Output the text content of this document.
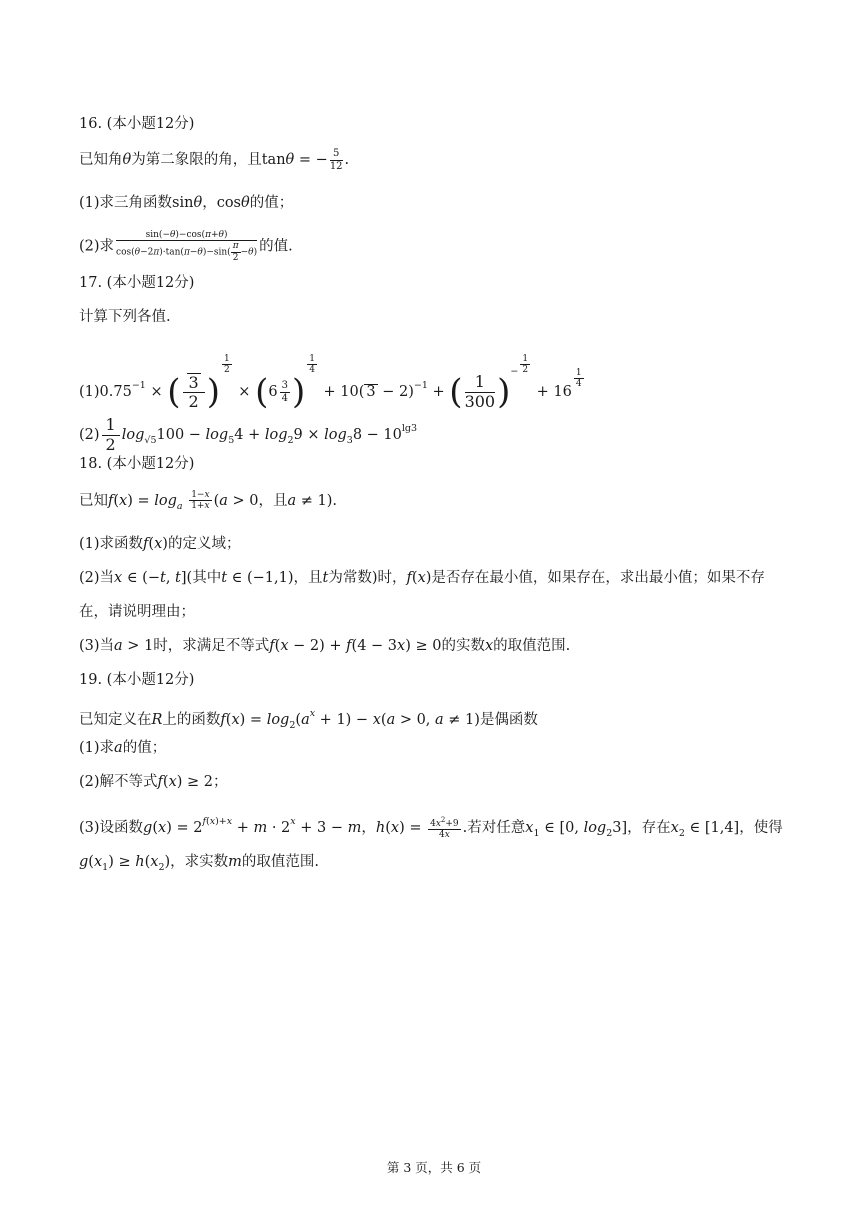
16. (本小题12分)
已知角θ为第二象限的角，且tanθ = − $\frac{5}{12}$ .
(1)求三角函数sinθ，cosθ的值；
(2)求 $\frac{\sin(-\theta)-\cos(\pi+\theta)}{\cos(\theta-2\pi)\cdot\tan(\pi-\theta)-\sin( \frac{\pi}{2} -\theta)}$ 的值.
17. (本小题12分)
计算下列各值.
$(1)0.75^{-1}$ × ( $\frac{3}{2}$ )
$\frac{1}{2}$
× ($6 \frac{3}{4}$ )
$\frac{1}{4}$
+ 10( 3 − 2)$^{-1}$ + ( $\frac{1}{300} )^- \frac{1}{2}$
+ 16
$\frac{1}{4}$
$(2) \frac{1}{2} \log_{√5}100 - \log_54 + \log_29 \times \log_38 - 10^{lg3}$
18. (本小题12分)
已知$f(x) = \log_a \frac{1-x}{1+x} (a > 0$，且a ≠ 1).
(1)求函数f(x)的定义域；
(2)当x ∈ (−t, t](其中t ∈ (−1,1)，且t为常数)时，f(x)是否存在最小值，如果存在，求出最小值；如果不存
在，请说明理由；
(3)当a > 1时，求满足不等式f(x − 2) + f(4 − 3x) ≥ 0的实数x的取值范围.
19. (本小题12分)
已知定义在R上的函数$f(x) = \log_2(a^x + 1) - x(a > 0$, a ≠ 1)是偶函数
(1)求a的值；
(2)解不等式f(x) ≥ 2；
(3)设函数$g(x) = 2^{f(x)+x} + m \cdot 2^x + 3 - m$，$h(x) = \frac{4x^2+9}{4x}$ .若对任意$x_1$ ∈ [0, $\log_23$]，存在$x_2$ ∈ [1,4]，使得
$g(x_1) \ge h(x_2)$，求实数m的取值范围.
第 3 页，共 6 页
